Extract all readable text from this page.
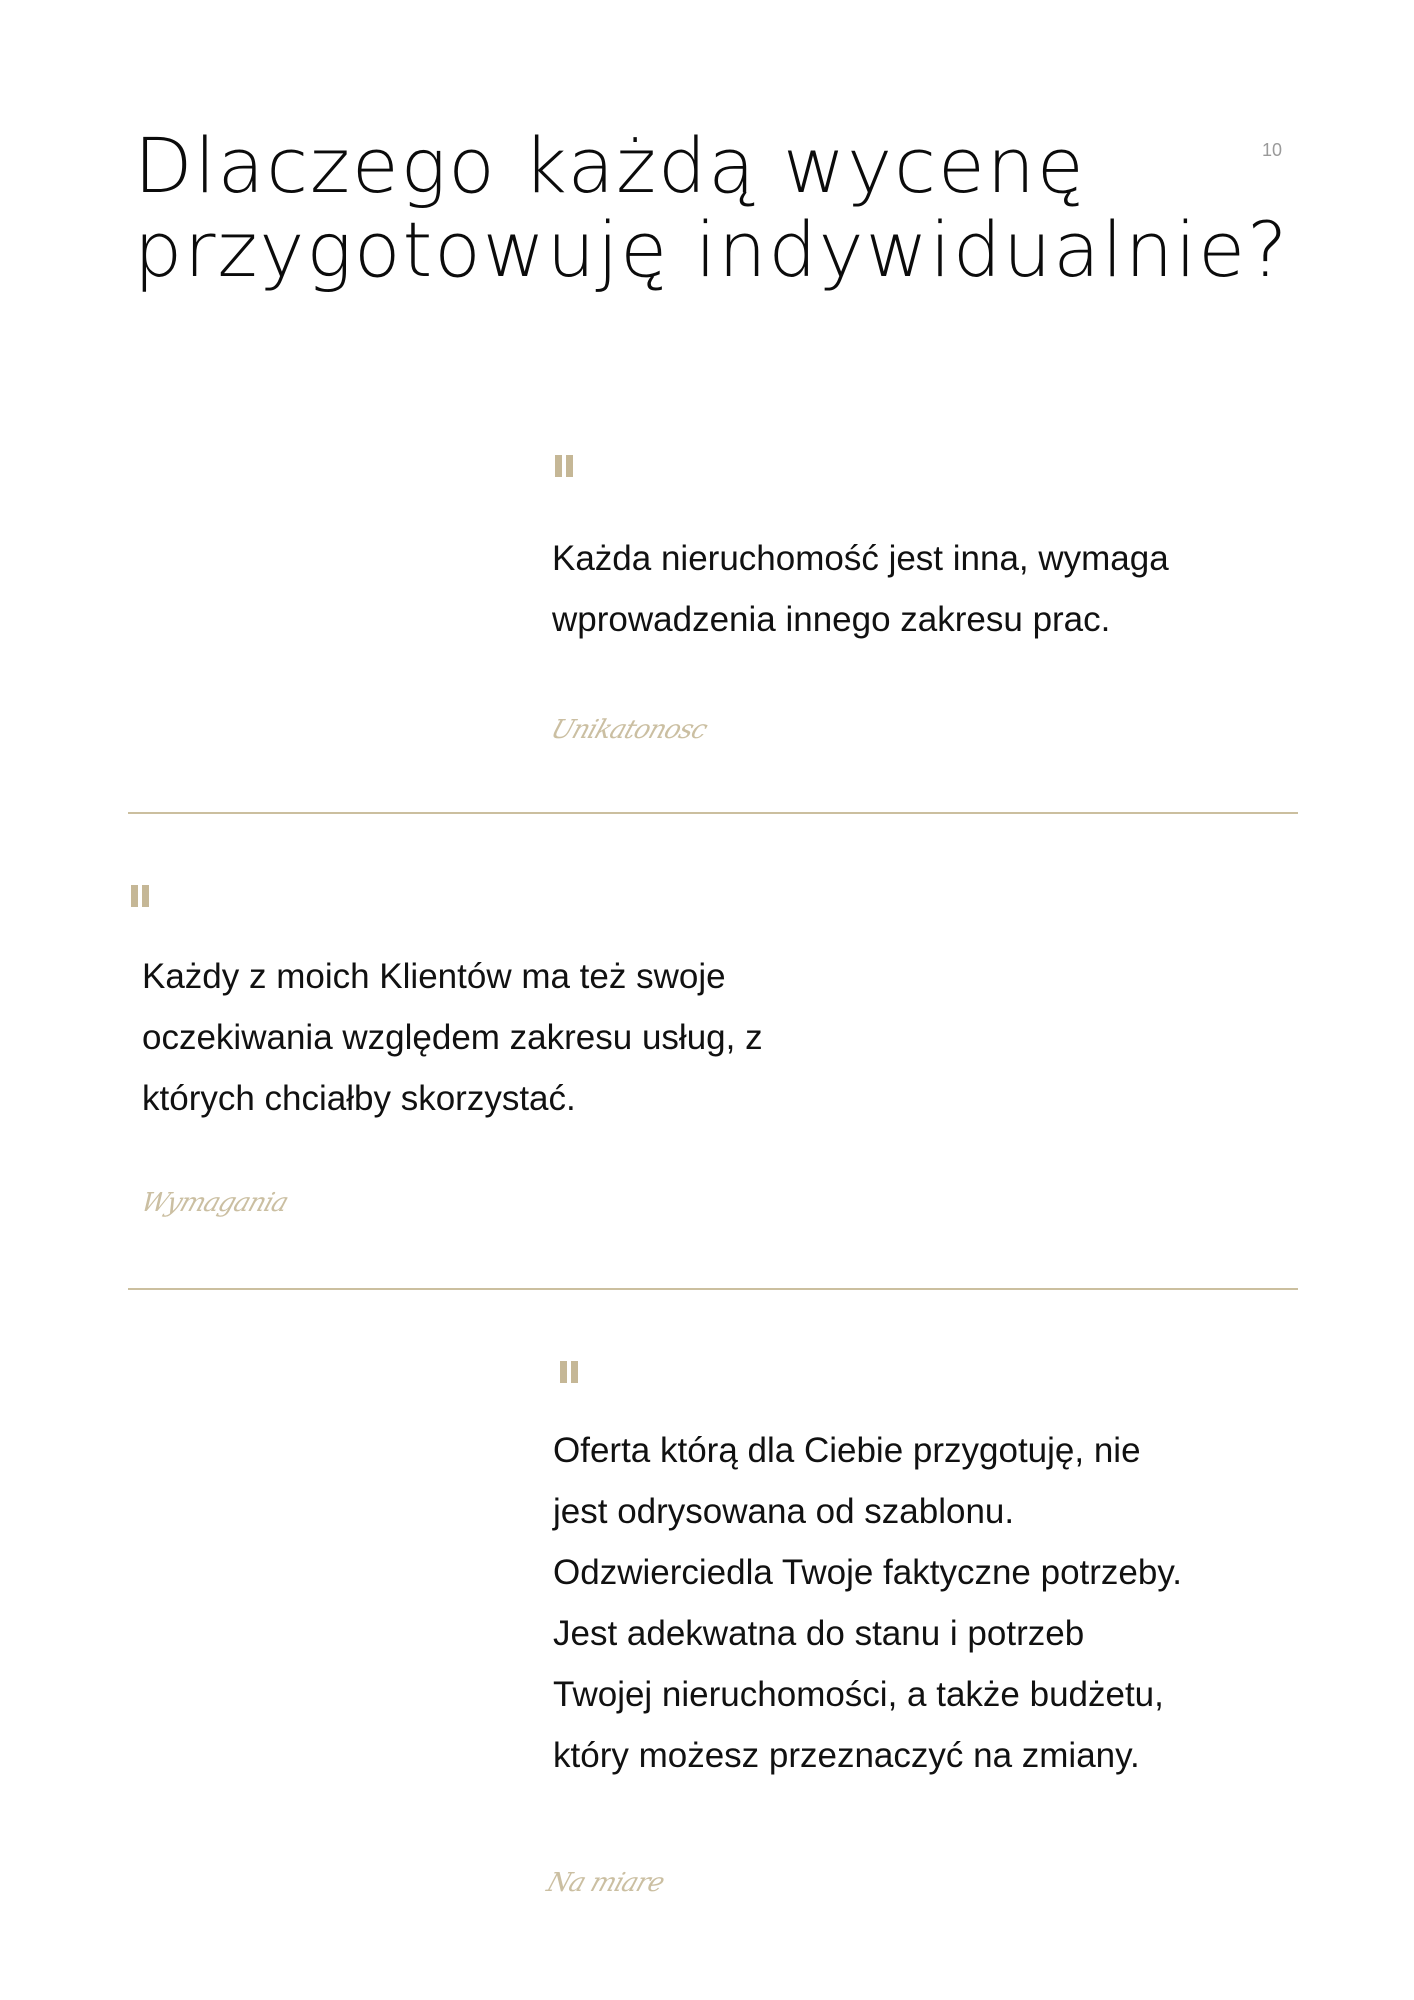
Dlaczego każdą wycenę
przygotowuję indywidualnie?
10

Każda nieruchomość jest inna, wymaga
wprowadzenia innego zakresu prac.

Unikatonosc

Każdy z moich Klientów ma też swoje
oczekiwania względem zakresu usług, z
których chciałby skorzystać.

Wymagania

Oferta którą dla Ciebie przygotuję, nie
jest odrysowana od szablonu.
Odzwierciedla Twoje faktyczne potrzeby.
Jest adekwatna do stanu i potrzeb
Twojej nieruchomości, a także budżetu,
który możesz przeznaczyć na zmiany.

Na miare
